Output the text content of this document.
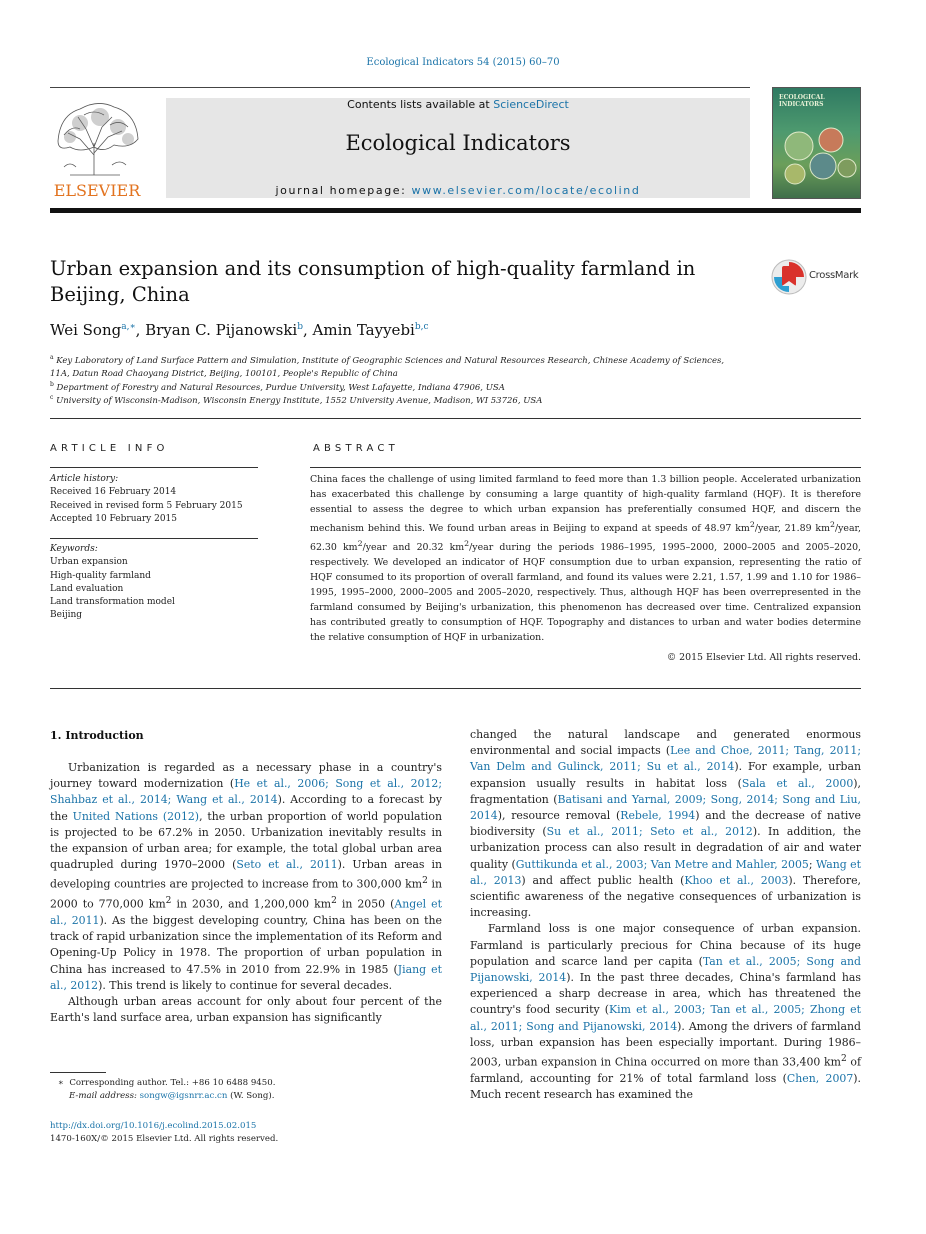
Ecological Indicators 54 (2015) 60–70
ELSEVIER
Contents lists available at ScienceDirect
Ecological Indicators
journal homepage: www.elsevier.com/locate/ecolind
ECOLOGICAL INDICATORS
Urban expansion and its consumption of high-quality farmland in Beijing, China
CrossMark
Wei Song$^{a,∗}$, Bryan C. Pijanowski$^b$, Amin Tayyebi$^{b,c}$
$^a$ Key Laboratory of Land Surface Pattern and Simulation, Institute of Geographic Sciences and Natural Resources Research, Chinese Academy of Sciences,
11A, Datun Road Chaoyang District, Beijing, 100101, People's Republic of China
$^b$ Department of Forestry and Natural Resources, Purdue University, West Lafayette, Indiana 47906, USA
$^c$ University of Wisconsin-Madison, Wisconsin Energy Institute, 1552 University Avenue, Madison, WI 53726, USA
ARTICLE INFO
Article history:
Received 16 February 2014
Received in revised form 5 February 2015
Accepted 10 February 2015
Keywords:
Urban expansion
High-quality farmland
Land evaluation
Land transformation model
Beijing
ABSTRACT
China faces the challenge of using limited farmland to feed more than 1.3 billion people. Accelerated urbanization has exacerbated this challenge by consuming a large quantity of high-quality farmland (HQF). It is therefore essential to assess the degree to which urban expansion has preferentially consumed HQF, and discern the mechanism behind this. We found urban areas in Beijing to expand at speeds of 48.97 $km^2$/year, 21.89 $km^2$/year, 62.30 $km^2$/year and 20.32 $km^2$/year during the periods 1986–1995, 1995–2000, 2000–2005 and 2005–2020, respectively. We developed an indicator of HQF consumption due to urban expansion, representing the ratio of HQF consumed to its proportion of overall farmland, and found its values were 2.21, 1.57, 1.99 and 1.10 for 1986–1995, 1995–2000, 2000–2005 and 2005–2020, respectively. Thus, although HQF has been overrepresented in the farmland consumed by Beijing's urbanization, this phenomenon has decreased over time. Centralized expansion has contributed greatly to consumption of HQF. Topography and distances to urban and water bodies determine the relative consumption of HQF in urbanization.
© 2015 Elsevier Ltd. All rights reserved.
1. Introduction

Urbanization is regarded as a necessary phase in a country's journey toward modernization (He et al., 2006; Song et al., 2012; Shahbaz et al., 2014; Wang et al., 2014). According to a forecast by the United Nations (2012), the urban proportion of world population is projected to be 67.2% in 2050. Urbanization inevitably results in the expansion of urban area; for example, the total global urban area quadrupled during 1970–2000 (Seto et al., 2011). Urban areas in developing countries are projected to increase from to 300,000 $km^2$ in 2000 to 770,000 $km^2$ in 2030, and 1,200,000 $km^2$ in 2050 (Angel et al., 2011). As the biggest developing country, China has been on the track of rapid urbanization since the implementation of its Reform and Opening-Up Policy in 1978. The proportion of urban population in China has increased to 47.5% in 2010 from 22.9% in 1985 (Jiang et al., 2012). This trend is likely to continue for several decades.

Although urban areas account for only about four percent of the Earth's land surface area, urban expansion has significantly

changed the natural landscape and generated enormous environmental and social impacts (Lee and Choe, 2011; Tang, 2011; Van Delm and Gulinck, 2011; Su et al., 2014). For example, urban expansion usually results in habitat loss (Sala et al., 2000), fragmentation (Batisani and Yarnal, 2009; Song, 2014; Song and Liu, 2014), resource removal (Rebele, 1994) and the decrease of native biodiversity (Su et al., 2011; Seto et al., 2012). In addition, the urbanization process can also result in degradation of air and water quality (Guttikunda et al., 2003; Van Metre and Mahler, 2005; Wang et al., 2013) and affect public health (Khoo et al., 2003). Therefore, scientific awareness of the negative consequences of urbanization is increasing.

Farmland loss is one major consequence of urban expansion. Farmland is particularly precious for China because of its huge population and scarce land per capita (Tan et al., 2005; Song and Pijanowski, 2014). In the past three decades, China's farmland has experienced a sharp decrease in area, which has threatened the country's food security (Kim et al., 2003; Tan et al., 2005; Zhong et al., 2011; Song and Pijanowski, 2014). Among the drivers of farmland loss, urban expansion has been especially important. During 1986–2003, urban expansion in China occurred on more than 33,400 $km^2$ of farmland, accounting for 21% of total farmland loss (Chen, 2007). Much recent research has examined the

∗ Corresponding author. Tel.: +86 10 6488 9450.
E-mail address: songw@igsnrr.ac.cn (W. Song).
http://dx.doi.org/10.1016/j.ecolind.2015.02.015
1470-160X/© 2015 Elsevier Ltd. All rights reserved.
